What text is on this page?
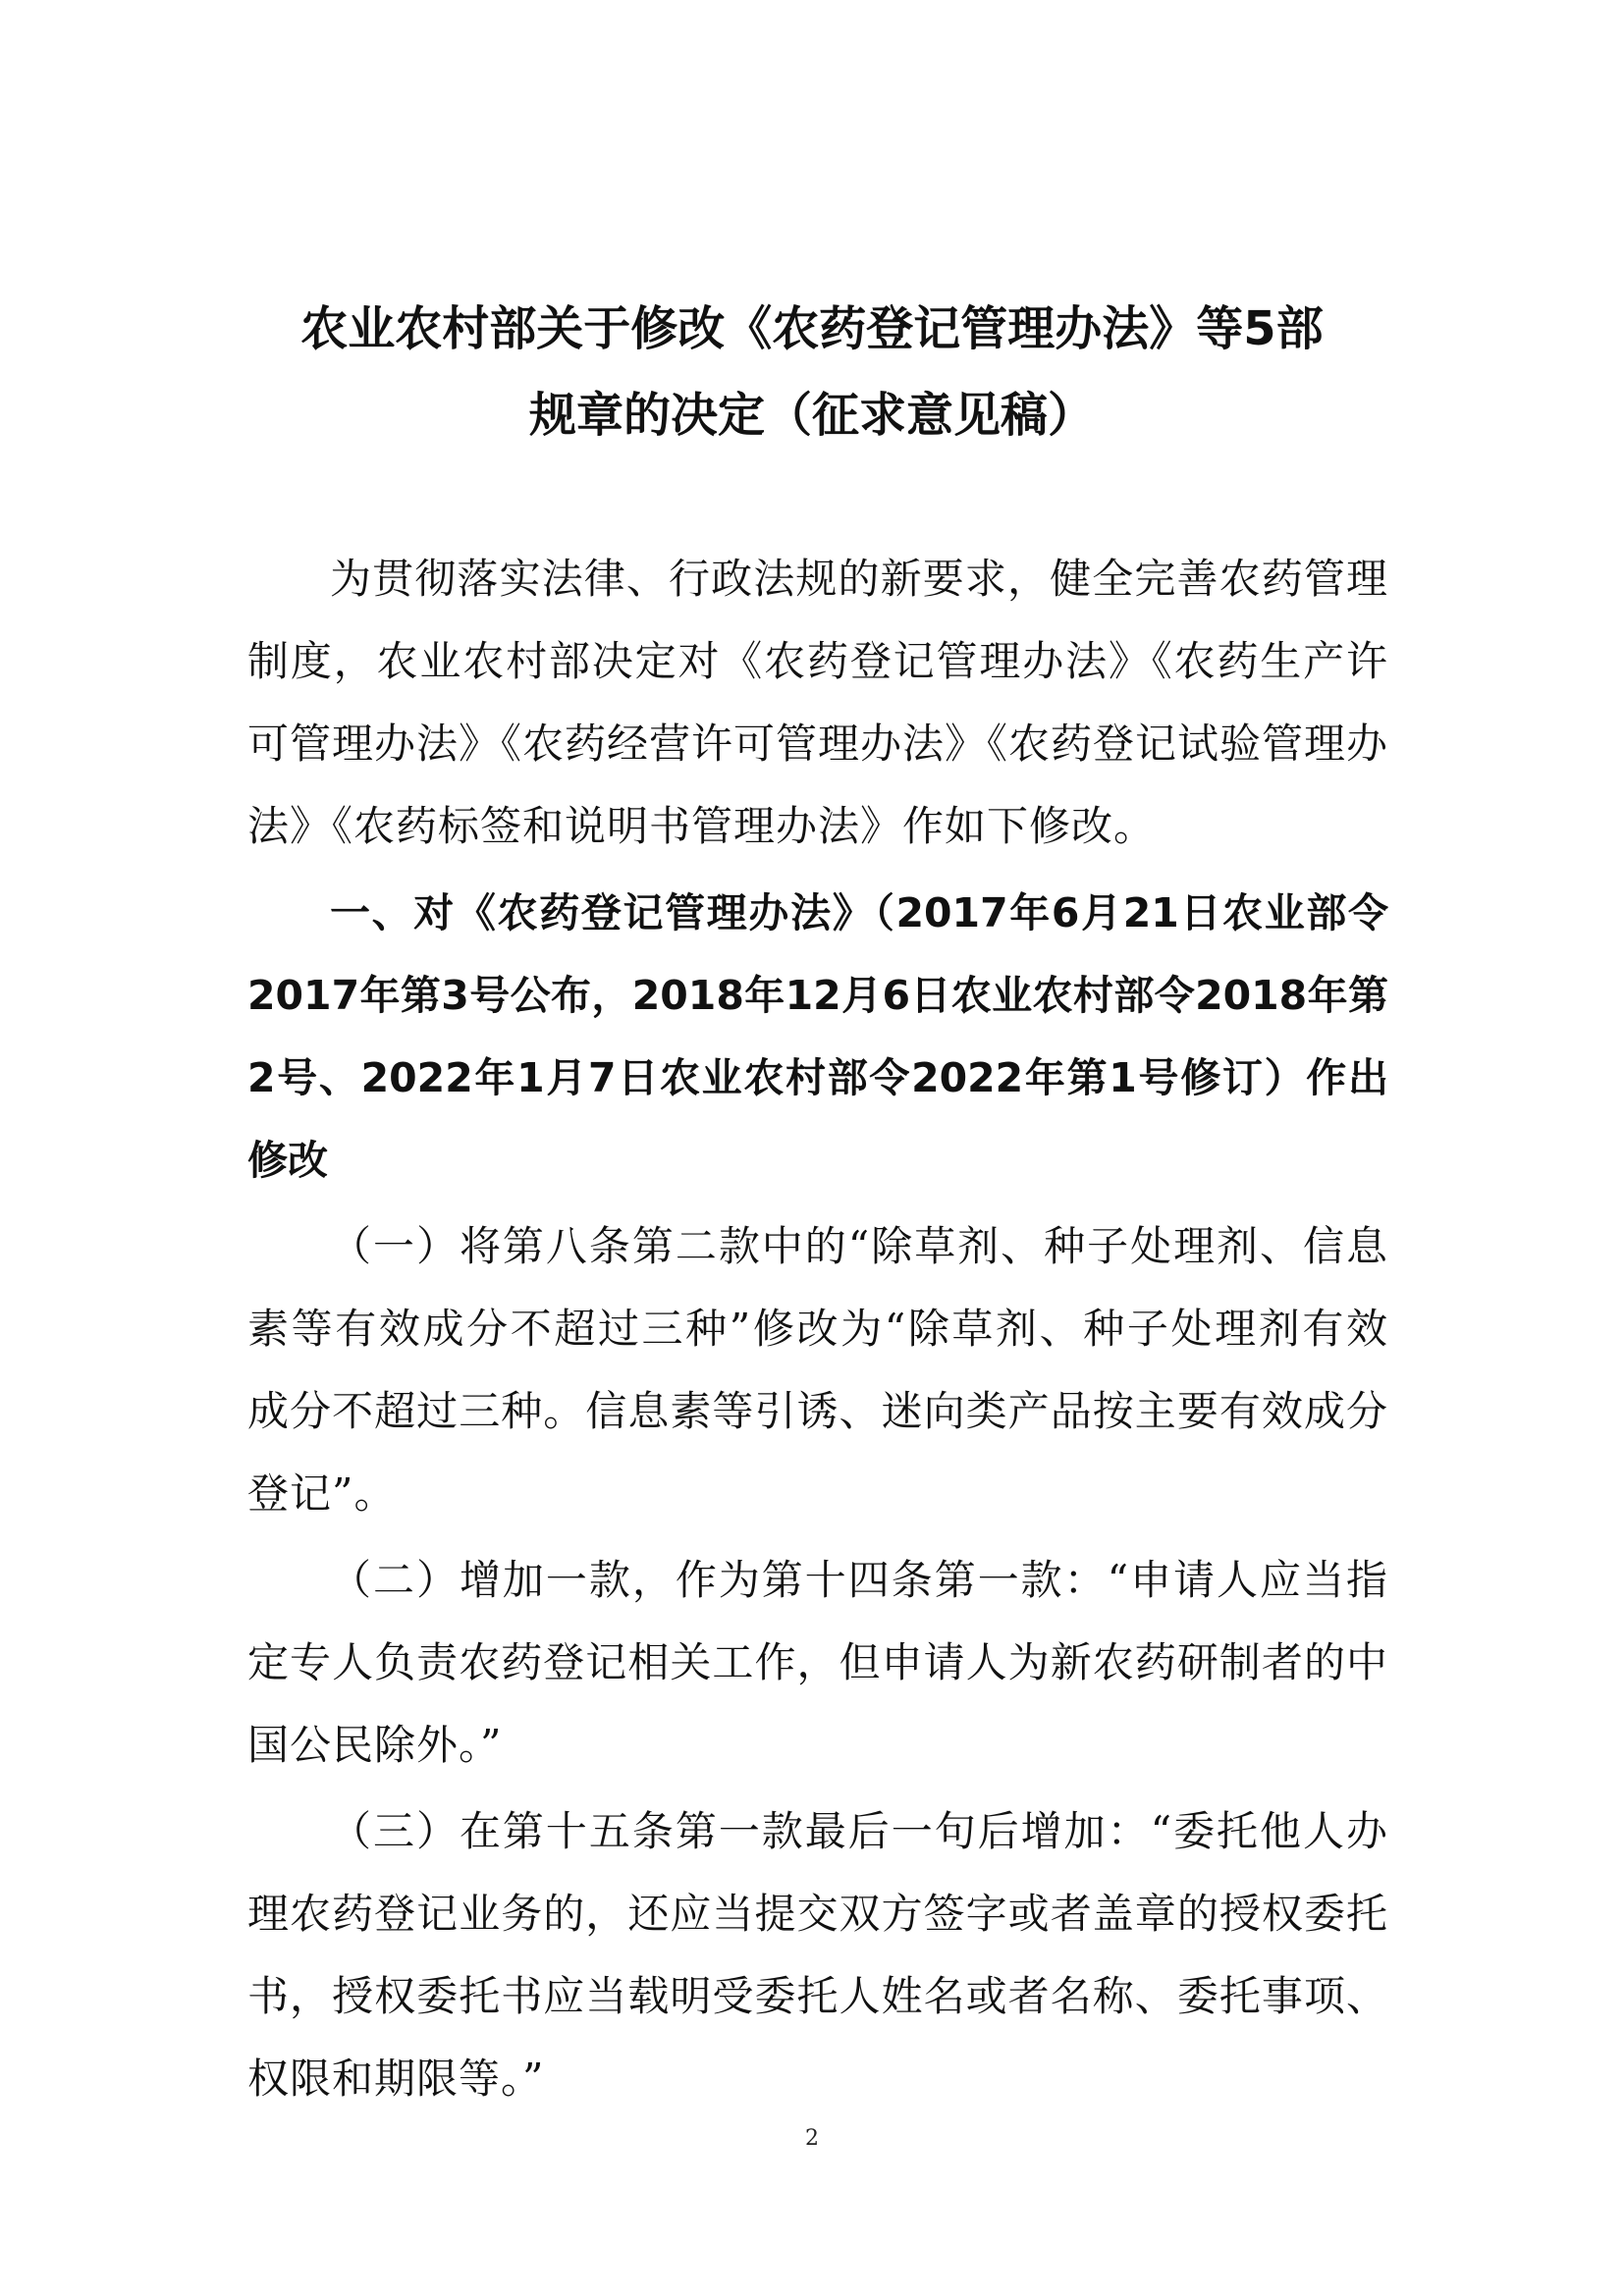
农业农村部关于修改《农药登记管理办法》等5部
规章的决定（征求意见稿）

为贯彻落实法律、行政法规的新要求，健全完善农药管理制度，农业农村部决定对《农药登记管理办法》《农药生产许可管理办法》《农药经营许可管理办法》《农药登记试验管理办法》《农药标签和说明书管理办法》作如下修改。

一、对《农药登记管理办法》（2017年6月21日农业部令2017年第3号公布，2018年12月6日农业农村部令2018年第2号、2022年1月7日农业农村部令2022年第1号修订）作出修改

（一）将第八条第二款中的“除草剂、种子处理剂、信息素等有效成分不超过三种”修改为“除草剂、种子处理剂有效成分不超过三种。信息素等引诱、迷向类产品按主要有效成分登记”。

（二）增加一款，作为第十四条第一款：“申请人应当指定专人负责农药登记相关工作，但申请人为新农药研制者的中国公民除外。”

（三）在第十五条第一款最后一句后增加：“委托他人办理农药登记业务的，还应当提交双方签字或者盖章的授权委托书，授权委托书应当载明受委托人姓名或者名称、委托事项、权限和期限等。”

2
